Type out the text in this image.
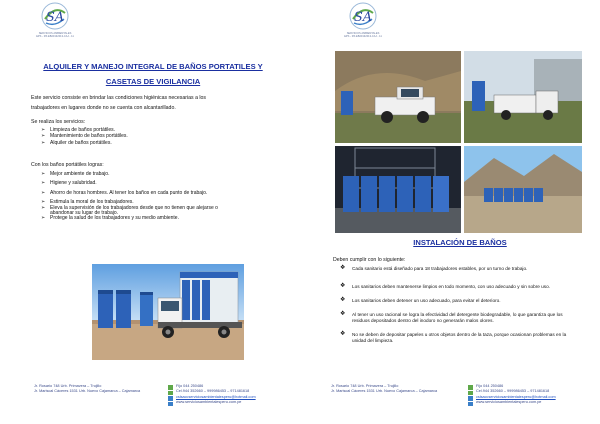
SA
SERVICIOS AMBIENTALES
EPS - RS EB20132013-CAJ - 11
ALQUILER Y MANEJO INTEGRAL DE BAÑOS PORTATILES Y
CASETAS DE VIGILANCIA
Este servicio consiste en brindar las condiciones higiénicas necesarias a los
trabajadores en lugares donde no se cuenta con alcantarillado.
Se realiza los servicios:
➢ Limpieza de baños portátiles.
➢ Mantenimiento de baños portátiles.
➢ Alquiler de baños portátiles.
Con los baños portátiles logras:
➢ Mejor ambiente de trabajo.
➢ Higiene y salubridad.
➢ Ahorro de horas hombres. Al tener los baños en cada punto de trabajo.
➢ Estimula la moral de los trabajadores.
➢ Eleva la supervisión de los trabajadores desde que no tienen que alejarse o
abandonar su lugar de trabajo.
➢ Protege la salud de los trabajadores y su medio ambiente.
Jr. Rosario 748 Urb. Primavera – Trujillo
Jr. Mariscal Cáceres 1531 Urb. Nuevo Cajamarca – Cajamarca
Fijo 044 250486
Cel.944 352660 – 999986453 – 971481618
cslsaccserviciosambientalesperu@hotmail.com
www.serviciosambientalesperu.com.pe
SA
SERVICIOS AMBIENTALES
EPS - RS EB20132013-CAJ - 11
INSTALACIÓN DE BAÑOS
Deben cumplir con lo siguiente:
❖ Cada sanitario está diseñado para 18 trabajadores estables, por un turno de trabajo.
❖ Los sanitarios deben mantenerse limpios en todo momento, con uso adecuado y sin sobre uso.
❖ Los sanitarios deben detener un uso adecuado, para evitar el deterioro.
❖ Al tener un uso racional se logra la efectividad del detergente biodegradable, lo que garantiza que los residuos depositados dentro del inodoro no generarán malos olores.
❖ No se deben de depositar papeles u otros objetos dentro de la taza, porque ocasionan problemas en la unidad del limpieza.
Jr. Rosario 748 Urb. Primavera – Trujillo
Jr. Mariscal Cáceres 1531 Urb. Nuevo Cajamarca – Cajamarca
Fijo 044 250486
Cel.944 352660 – 999986453 – 971481618
cslsaccserviciosambientalesperu@hotmail.com
www.serviciosambientalesperu.com.pe
